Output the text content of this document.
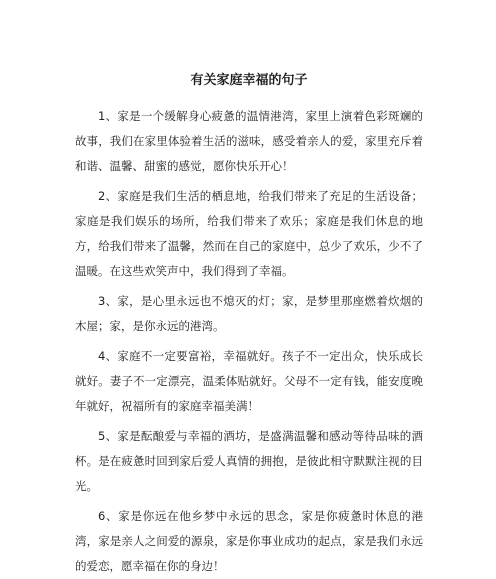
有关家庭幸福的句子

1、家是一个缓解身心疲惫的温情港湾，家里上演着色彩斑斓的故事，我们在家里体验着生活的滋味，感受着亲人的爱，家里充斥着和谐、温馨、甜蜜的感觉，愿你快乐开心！

2、家庭是我们生活的栖息地，给我们带来了充足的生活设备；家庭是我们娱乐的场所，给我们带来了欢乐；家庭是我们休息的地方，给我们带来了温馨，然而在自己的家庭中，总少了欢乐，少不了温暖。在这些欢笑声中，我们得到了幸福。

3、家，是心里永远也不熄灭的灯；家，是梦里那座燃着炊烟的木屋；家，是你永远的港湾。

4、家庭不一定要富裕，幸福就好。孩子不一定出众，快乐成长就好。妻子不一定漂亮，温柔体贴就好。父母不一定有钱，能安度晚年就好，祝福所有的家庭幸福美满！

5、家是酝酿爱与幸福的酒坊，是盛满温馨和感动等待品味的酒杯。是在疲惫时回到家后爱人真情的拥抱，是彼此相守默默注视的目光。

6、家是你远在他乡梦中永远的思念，家是你疲惫时休息的港湾，家是亲人之间爱的源泉，家是你事业成功的起点，家是我们永远的爱恋，愿幸福在你的身边！
